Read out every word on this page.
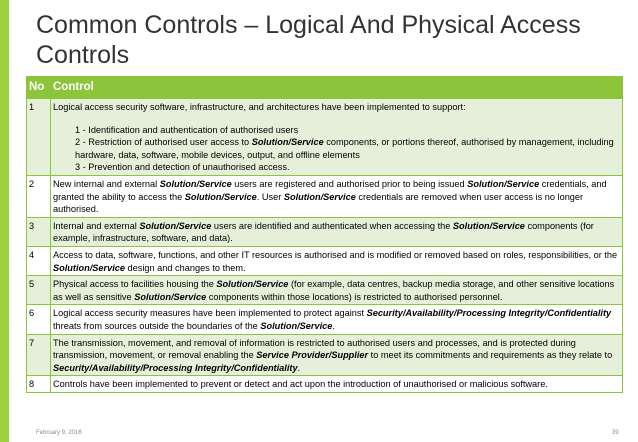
Common Controls – Logical And Physical Access
Controls
No	Control
1	Logical access security software, infrastructure, and architectures have been implemented to support:
1 - Identification and authentication of authorised users
2 - Restriction of authorised user access to Solution/Service components, or portions thereof, authorised by management, including hardware, data, software, mobile devices, output, and offline elements
3 - Prevention and detection of unauthorised access.

2	New internal and external Solution/Service users are registered and authorised prior to being issued Solution/Service credentials, and granted the ability to access the Solution/Service. User Solution/Service credentials are removed when user access is no longer authorised.
3	Internal and external Solution/Service users are identified and authenticated when accessing the Solution/Service components (for example, infrastructure, software, and data).
4	Access to data, software, functions, and other IT resources is authorised and is modified or removed based on roles, responsibilities, or the Solution/Service design and changes to them.
5	Physical access to facilities housing the Solution/Service (for example, data centres, backup media storage, and other sensitive locations as well as sensitive Solution/Service components within those locations) is restricted to authorised personnel.
6	Logical access security measures have been implemented to protect against Security/Availability/Processing Integrity/Confidentiality threats from sources outside the boundaries of the Solution/Service.
7	The transmission, movement, and removal of information is restricted to authorised users and processes, and is protected during transmission, movement, or removal enabling the Service Provider/Supplier to meet its commitments and requirements as they relate to Security/Availability/Processing Integrity/Confidentiality.
8	Controls have been implemented to prevent or detect and act upon the introduction of unauthorised or malicious software.
February 9, 2016	39
